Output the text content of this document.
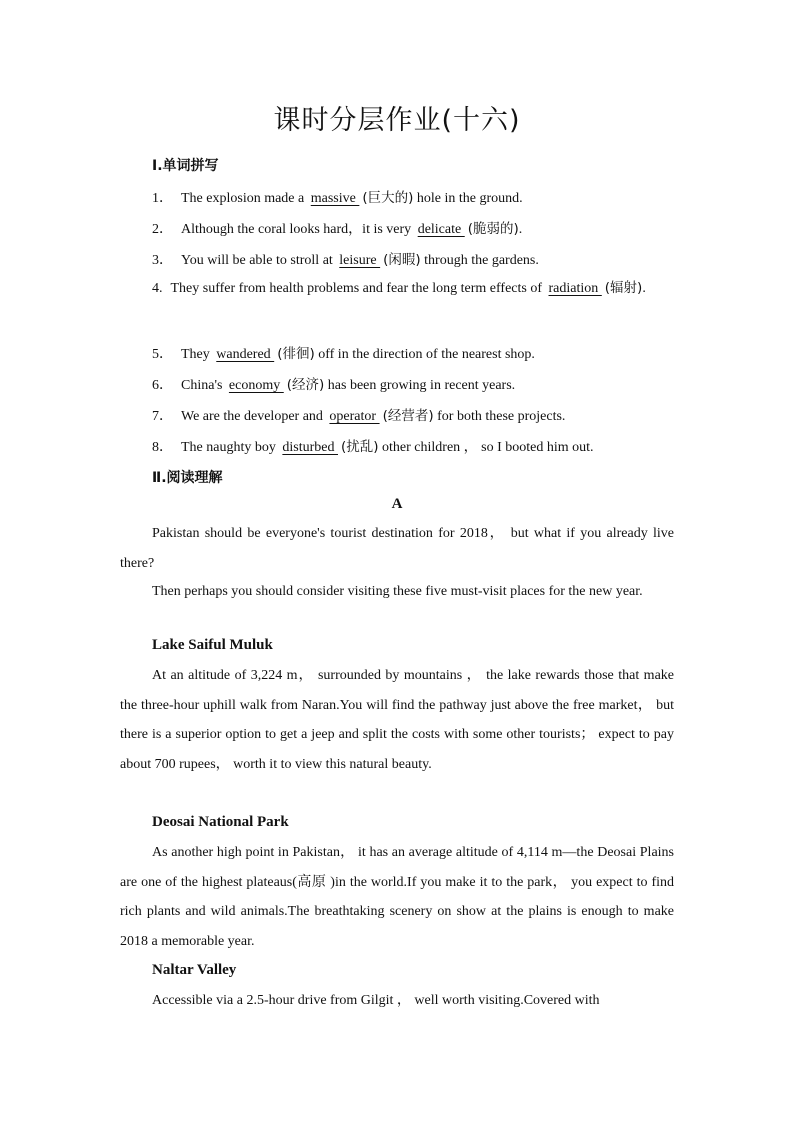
课时分层作业(十六)
Ⅰ.单词拼写
1． The explosion made a massive (巨大的) hole in the ground.
2． Although the coral looks hard，it is very delicate (脆弱的).
3． You will be able to stroll at leisure (闲暇) through the gardens.
4. They suffer from health problems and fear the long term effects of radiation (辐射).
5． They wandered (徘徊) off in the direction of the nearest shop.
6． China's economy (经济) has been growing in recent years.
7． We are the developer and operator (经营者) for both these projects.
8． The naughty boy disturbed (扰乱) other children ， so I booted him out.
Ⅱ.阅读理解
A

Pakistan should be everyone's tourist destination for 2018， but what if you already live there?

Then perhaps you should consider visiting these five must-visit places for the new year.

Lake Saiful Muluk

At an altitude of 3,224 m， surrounded by mountains ， the lake rewards those that make the three-hour uphill walk from Naran.You will find the pathway just above the free market， but there is a superior option to get a jeep and split the costs with some other tourists； expect to pay about 700 rupees， worth it to view this natural beauty.

Deosai National Park

As another high point in Pakistan， it has an average altitude of 4,114 m—the Deosai Plains are one of the highest plateaus(高原 )in the world.If you make it to the park， you expect to find rich plants and wild animals.The breathtaking scenery on show at the plains is enough to make 2018 a memorable year.

Naltar Valley

Accessible via a 2.5-hour drive from Gilgit ， well worth visiting.Covered with
